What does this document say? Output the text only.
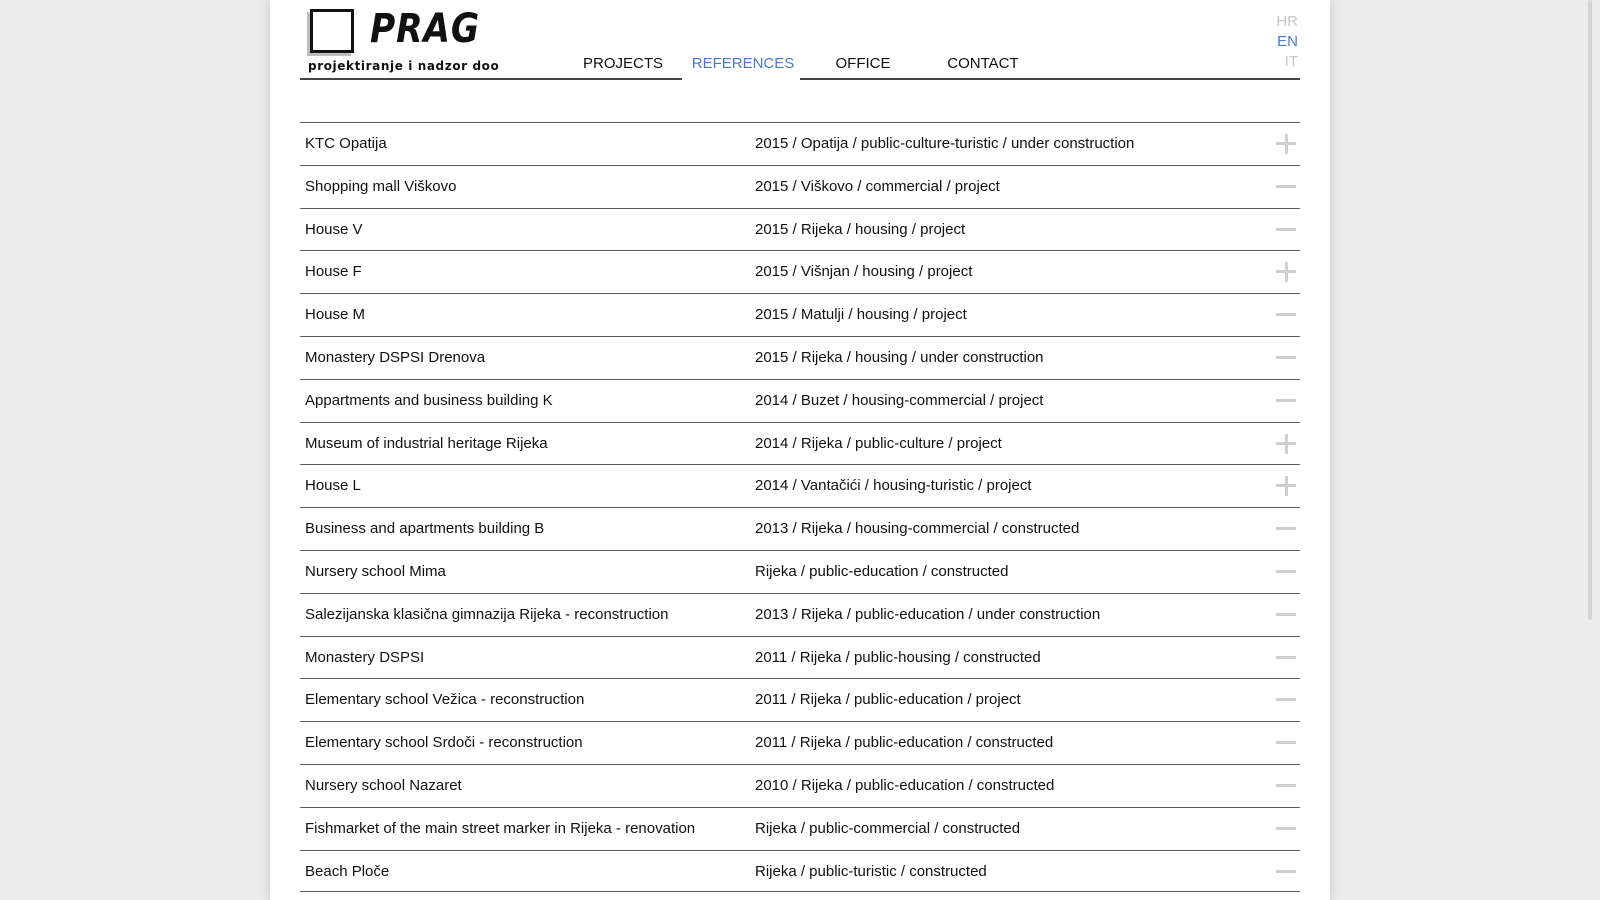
PRAG
projektiranje i nadzor doo	PROJECTS	REFERENCES	OFFICE	CONTACT
HR
EN
IT
KTC Opatija	2015 / Opatija / public-culture-turistic / under construction
Shopping mall Viškovo	2015 / Viškovo / commercial / project
House V	2015 / Rijeka / housing / project
House F	2015 / Višnjan / housing / project
House M	2015 / Matulji / housing / project
Monastery DSPSI Drenova	2015 / Rijeka / housing / under construction
Appartments and business building K	2014 / Buzet / housing-commercial / project
Museum of industrial heritage Rijeka	2014 / Rijeka / public-culture / project
House L	2014 / Vantačići / housing-turistic / project
Business and apartments building B	2013 / Rijeka / housing-commercial / constructed
Nursery school Mima	Rijeka / public-education / constructed
Salezijanska klasična gimnazija Rijeka - reconstruction	2013 / Rijeka / public-education / under construction
Monastery DSPSI	2011 / Rijeka / public-housing / constructed
Elementary school Vežica - reconstruction	2011 / Rijeka / public-education / project
Elementary school Srdoči - reconstruction	2011 / Rijeka / public-education / constructed
Nursery school Nazaret	2010 / Rijeka / public-education / constructed
Fishmarket of the main street marker in Rijeka - renovation	Rijeka / public-commercial / constructed
Beach Ploče	Rijeka / public-turistic / constructed
